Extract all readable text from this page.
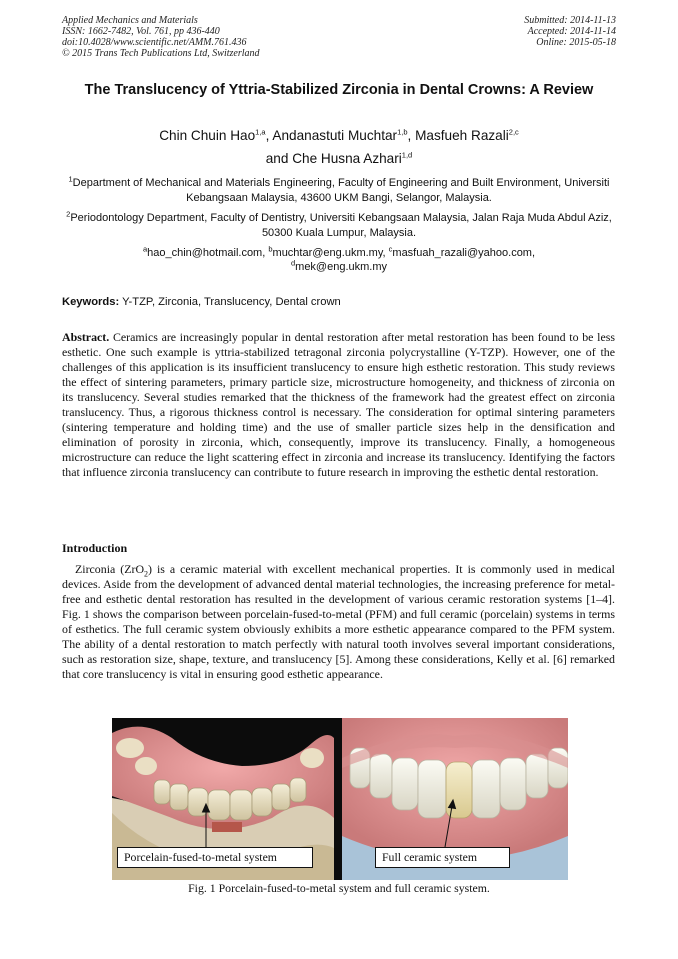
Applied Mechanics and Materials
ISSN: 1662-7482, Vol. 761, pp 436-440
doi:10.4028/www.scientific.net/AMM.761.436
© 2015 Trans Tech Publications Ltd, Switzerland
Submitted: 2014-11-13
Accepted: 2014-11-14
Online: 2015-05-18
The Translucency of Yttria-Stabilized Zirconia in Dental Crowns: A Review
Chin Chuin Hao$^{1,a}$, Andanastuti Muchtar$^{1,b}$, Masfueh Razali$^{2,c}$
and Che Husna Azhari$^{1,d}$
$^1$Department of Mechanical and Materials Engineering, Faculty of Engineering and Built Environment, Universiti Kebangsaan Malaysia, 43600 UKM Bangi, Selangor, Malaysia.
$^2$Periodontology Department, Faculty of Dentistry, Universiti Kebangsaan Malaysia, Jalan Raja Muda Abdul Aziz, 50300 Kuala Lumpur, Malaysia.
$^a$hao_chin@hotmail.com, $^b$muchtar@eng.ukm.my, $^c$masfuah_razali@yahoo.com,
$^d$mek@eng.ukm.my
Keywords: Y-TZP, Zirconia, Translucency, Dental crown
Abstract. Ceramics are increasingly popular in dental restoration after metal restoration has been found to be less esthetic. One such example is yttria-stabilized tetragonal zirconia polycrystalline (Y-TZP). However, one of the challenges of this application is its insufficient translucency to ensure high esthetic restoration. This study reviews the effect of sintering parameters, primary particle size, microstructure homogeneity, and thickness of zirconia on its translucency. Several studies remarked that the thickness of the framework had the greatest effect on zirconia translucency. Thus, a rigorous thickness control is necessary. The consideration for optimal sintering parameters (sintering temperature and holding time) and the use of smaller particle sizes help in the densification and elimination of porosity in zirconia, which, consequently, improve its translucency. Finally, a homogeneous microstructure can reduce the light scattering effect in zirconia and increase its translucency. Identifying the factors that influence zirconia translucency can contribute to future research in improving the esthetic dental restoration.
Introduction
Zirconia (ZrO$_2$) is a ceramic material with excellent mechanical properties. It is commonly used in medical devices. Aside from the development of advanced dental material technologies, the increasing preference for metal-free and esthetic dental restoration has resulted in the development of various ceramic restoration systems [1–4]. Fig. 1 shows the comparison between porcelain-fused-to-metal (PFM) and full ceramic (porcelain) systems in terms of esthetics. The full ceramic system obviously exhibits a more esthetic appearance compared to the PFM system. The ability of a dental restoration to match perfectly with natural tooth involves several important considerations, such as restoration size, shape, texture, and translucency [5]. Among these considerations, Kelly et al. [6] remarked that core translucency is vital in ensuring good esthetic appearance.
Porcelain-fused-to-metal system	Full ceramic system
Fig. 1 Porcelain-fused-to-metal system and full ceramic system.
